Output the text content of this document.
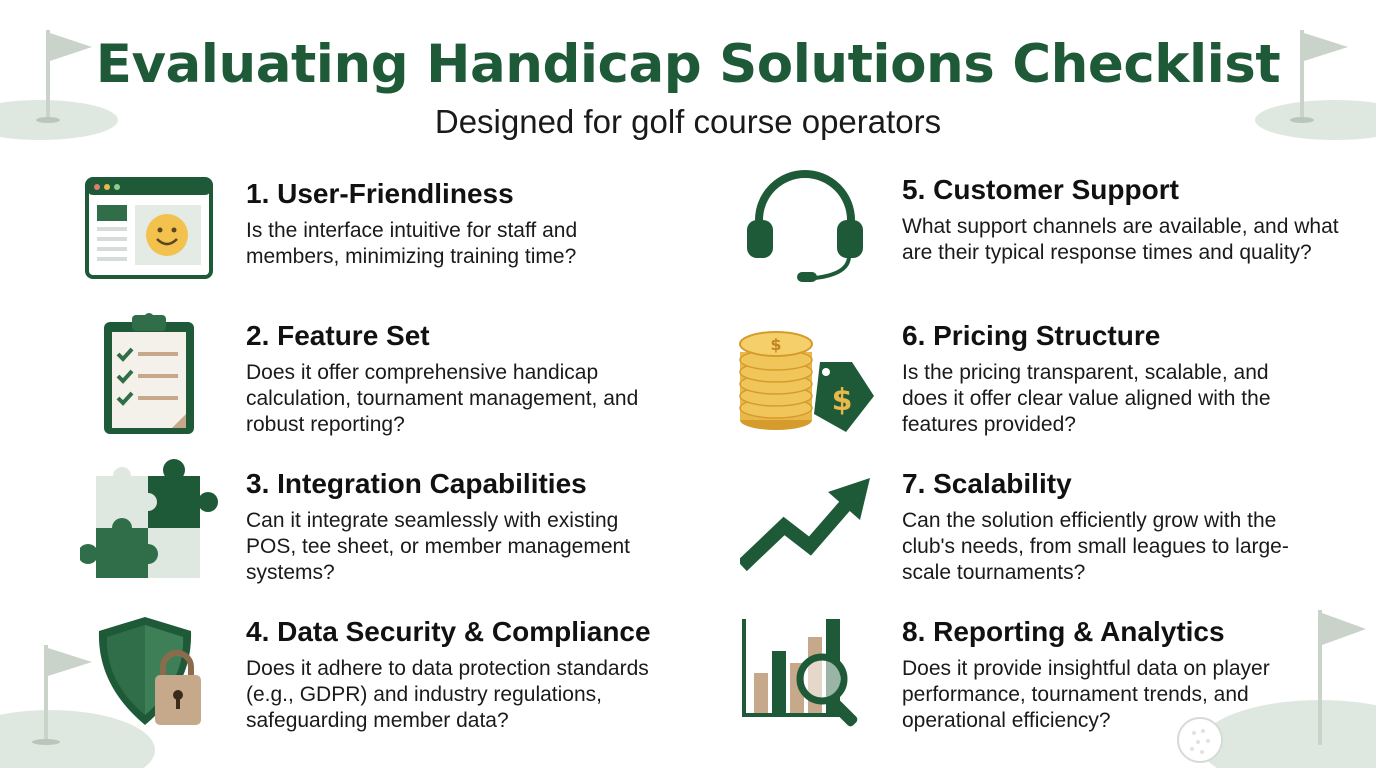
Evaluating Handicap Solutions Checklist
Designed for golf course operators
$
$
1. User-Friendliness
Is the interface intuitive for staff and members, minimizing training time?
2. Feature Set
Does it offer comprehensive handicap calculation, tournament management, and robust reporting?
3. Integration Capabilities
Can it integrate seamlessly with existing POS, tee sheet, or member management systems?
4. Data Security & Compliance
Does it adhere to data protection standards (e.g., GDPR) and industry regulations, safeguarding member data?
5. Customer Support
What support channels are available, and what are their typical response times and quality?
6. Pricing Structure
Is the pricing transparent, scalable, and does it offer clear value aligned with the features provided?
7. Scalability
Can the solution efficiently grow with the club's needs, from small leagues to large-scale tournaments?
8. Reporting & Analytics
Does it provide insightful data on player performance, tournament trends, and operational efficiency?
